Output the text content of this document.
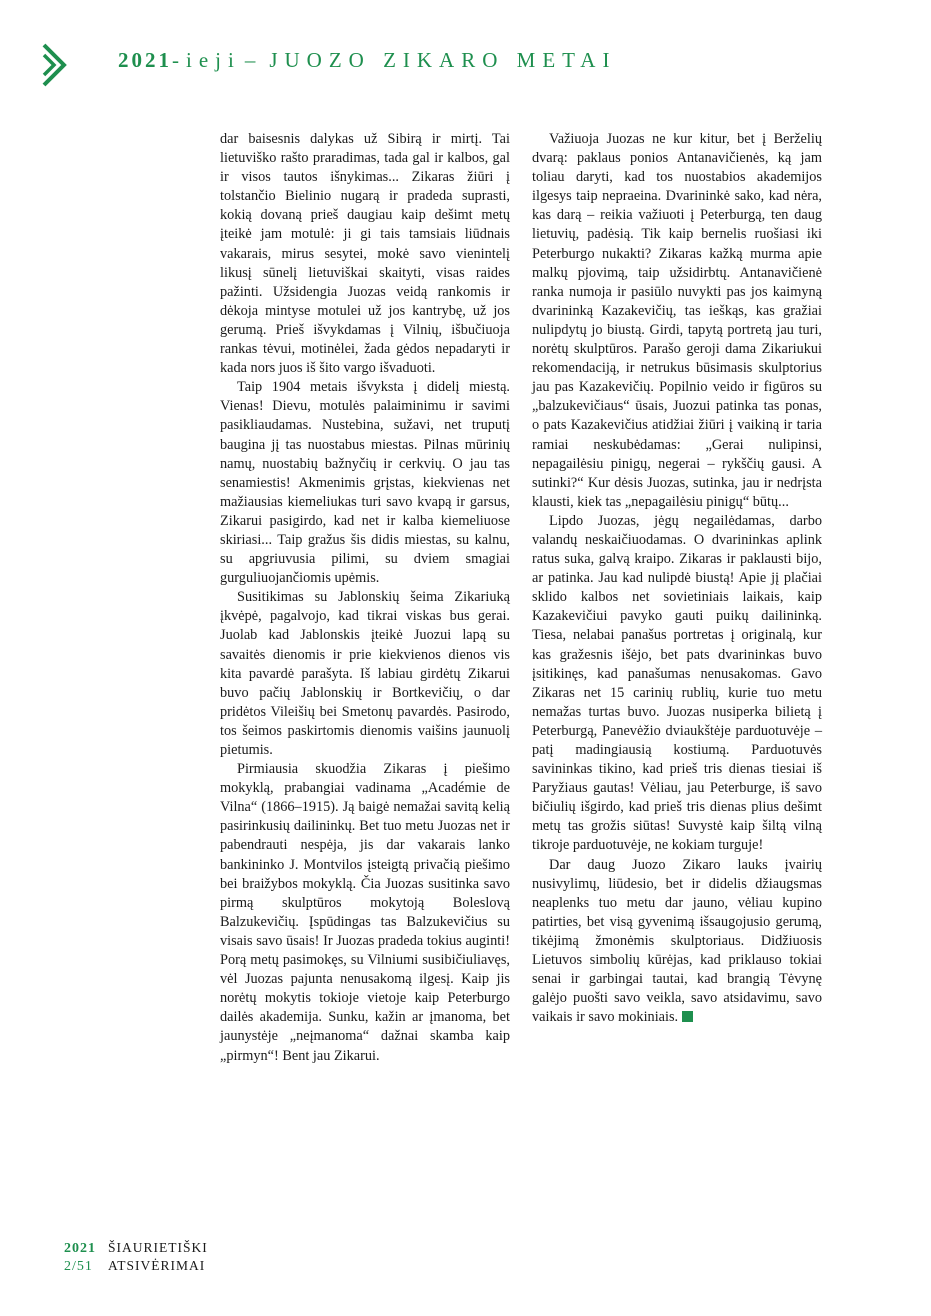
2021-ieji – JUOZO ZIKARO METAI

dar baisesnis dalykas už Sibirą ir mirtį. Tai lietuviško rašto praradimas, tada gal ir kalbos, gal ir visos tautos išnykimas... Zikaras žiūri į tolstančio Bielinio nugarą ir pradeda suprasti, kokią dovaną prieš daugiau kaip dešimt metų įteikė jam motulė: ji gi tais tamsiais liūdnais vakarais, mirus sesytei, mokė savo vienintelį likusį sūnelį lietuviškai skaityti, visas raides pažinti. Užsidengia Juozas veidą rankomis ir dėkoja mintyse motulei už jos kantrybę, už jos gerumą. Prieš išvykdamas į Vilnių, išbučiuoja rankas tėvui, motinėlei, žada gėdos nepadaryti ir kada nors juos iš šito vargo išvaduoti.

Taip 1904 metais išvyksta į didelį miestą. Vienas! Dievu, motulės palaiminimu ir savimi pasikliaudamas. Nustebina, sužavi, net truputį baugina jį tas nuostabus miestas. Pilnas mūrinių namų, nuostabių bažnyčių ir cerkvių. O jau tas senamiestis! Akmenimis grįstas, kiekvienas net mažiausias kiemeliukas turi savo kvapą ir garsus, Zikarui pasigirdo, kad net ir kalba kiemeliuose skiriasi... Taip gražus šis didis miestas, su kalnu, su apgriuvusia pilimi, su dviem smagiai gurguliuojančiomis upėmis.

Susitikimas su Jablonskių šeima Zikariuką įkvėpė, pagalvojo, kad tikrai viskas bus gerai. Juolab kad Jablonskis įteikė Juozui lapą su savaitės dienomis ir prie kiekvienos dienos vis kita pavardė parašyta. Iš labiau girdėtų Zikarui buvo pačių Jablonskių ir Bortkevičių, o dar pridėtos Vileišių bei Smetonų pavardės. Pasirodo, tos šeimos paskirtomis dienomis vaišins jaunuolį pietumis.

Pirmiausia skuodžia Zikaras į piešimo mokyklą, prabangiai vadinama „Académie de Vilna“ (1866–1915). Ją baigė nemažai savitą kelią pasirinkusių dailininkų. Bet tuo metu Juozas net ir pabendrauti nespėja, jis dar vakarais lanko bankininko J. Montvilos įsteigtą privačią piešimo bei braižybos mokyklą. Čia Juozas susitinka savo pirmą skulptūros mokytoją Boleslovą Balzukevičių. Įspūdingas tas Balzukevičius su visais savo ūsais! Ir Juozas pradeda tokius auginti! Porą metų pasimokęs, su Vilniumi susibičiuliavęs, vėl Juozas pajunta nenusakomą ilgesį. Kaip jis norėtų mokytis tokioje vietoje kaip Peterburgo dailės akademija. Sunku, kažin ar įmanoma, bet jaunystėje „neįmanoma“ dažnai skamba kaip „pirmyn“! Bent jau Zikarui.

Važiuoja Juozas ne kur kitur, bet į Berželių dvarą: paklaus ponios Antanavičienės, ką jam toliau daryti, kad tos nuostabios akademijos ilgesys taip nepraeina. Dvarininkė sako, kad nėra, kas darą – reikia važiuoti į Peterburgą, ten daug lietuvių, padėsią. Tik kaip bernelis ruošiasi iki Peterburgo nukakti? Zikaras kažką murma apie malkų pjovimą, taip užsidirbtų. Antanavičienė ranka numoja ir pasiūlo nuvykti pas jos kaimyną dvarininką Kazakevičių, tas ieškąs, kas gražiai nulipdytų jo biustą. Girdi, tapytą portretą jau turi, norėtų skulptūros. Parašo geroji dama Zikariukui rekomendaciją, ir netrukus būsimasis skulptorius jau pas Kazakevičių. Popilnio veido ir figūros su „balzukevičiaus“ ūsais, Juozui patinka tas ponas, o pats Kazakevičius atidžiai žiūri į vaikiną ir taria ramiai neskubėdamas: „Gerai nulipinsi, nepagailėsiu pinigų, negerai – rykščių gausi. A sutinki?“ Kur dėsis Juozas, sutinka, jau ir nedrįsta klausti, kiek tas „nepagailėsiu pinigų“ būtų...

Lipdo Juozas, jėgų negailėdamas, darbo valandų neskaičiuodamas. O dvarininkas aplink ratus suka, galvą kraipo. Zikaras ir paklausti bijo, ar patinka. Jau kad nulipdė biustą! Apie jį plačiai sklido kalbos net sovietiniais laikais, kaip Kazakevičiui pavyko gauti puikų dailininką. Tiesa, nelabai panašus portretas į originalą, kur kas gražesnis išėjo, bet pats dvarininkas buvo įsitikinęs, kad panašumas nenusakomas. Gavo Zikaras net 15 carinių rublių, kurie tuo metu nemažas turtas buvo. Juozas nusiperka bilietą į Peterburgą, Panevėžio dviaukštėje parduotuvėje – patį madingiausią kostiumą. Parduotuvės savininkas tikino, kad prieš tris dienas tiesiai iš Paryžiaus gautas! Vėliau, jau Peterburge, iš savo bičiulių išgirdo, kad prieš tris dienas plius dešimt metų tas grožis siūtas! Suvystė kaip šiltą vilną tikroje parduotuvėje, ne kokiam turguje!

Dar daug Juozo Zikaro lauks įvairių nusivylimų, liūdesio, bet ir didelis džiaugsmas neaplenks tuo metu dar jauno, vėliau kupino patirties, bet visą gyvenimą išsaugojusio gerumą, tikėjimą žmonėmis skulptoriaus. Didžiuosis Lietuvos simbolių kūrėjas, kad priklauso tokiai senai ir garbingai tautai, kad brangią Tėvynę galėjo puošti savo veikla, savo atsidavimu, savo vaikais ir savo mokiniais.

2021 ŠIAURIETIŠKI
2/51 ATSIVĖRIMAI
